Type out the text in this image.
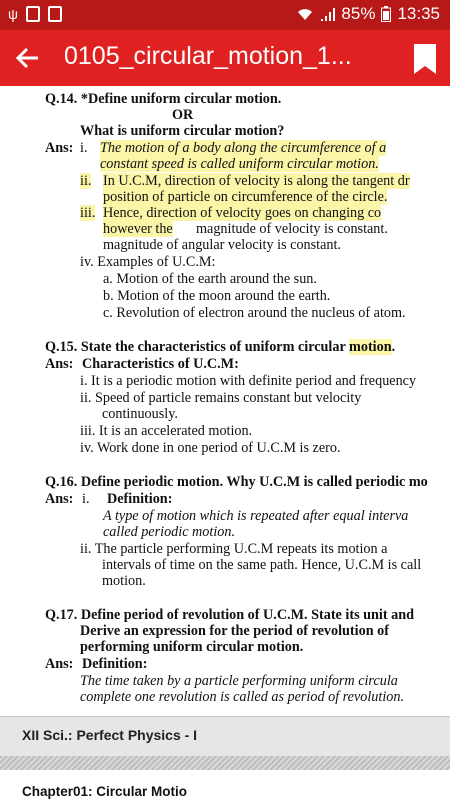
ψ	85% 13:35
0105_circular_motion_1...
Q.14. *Define uniform circular motion.
OR
What is uniform circular motion?
Ans: i. The motion of a body along the circumference of a
constant speed is called uniform circular motion.
ii. In U.C.M, direction of velocity is along the tangent dr
position of particle on circumference of the circle.
iii. Hence, direction of velocity goes on changing co
however the magnitude of velocity is constant.
magnitude of angular velocity is constant.
iv. Examples of U.C.M:
a. Motion of the earth around the sun.
b. Motion of the moon around the earth.
c. Revolution of electron around the nucleus of atom.
Q.15. State the characteristics of uniform circular motion.
Ans: Characteristics of U.C.M:
i. It is a periodic motion with definite period and frequency
ii. Speed of particle remains constant but velocity
continuously.
iii. It is an accelerated motion.
iv. Work done in one period of U.C.M is zero.
Q.16. Define periodic motion. Why U.C.M is called periodic mo
Ans: i. Definition:
A type of motion which is repeated after equal interva
called periodic motion.
ii. The particle performing U.C.M repeats its motion a
intervals of time on the same path. Hence, U.C.M is call
motion.
Q.17. Define period of revolution of U.C.M. State its unit and
Derive an expression for the period of revolution of
performing uniform circular motion.
Ans: Definition:
The time taken by a particle performing uniform circula
complete one revolution is called as period of revolution.
XII Sci.: Perfect Physics - I
Chapter01: Circular Motio
